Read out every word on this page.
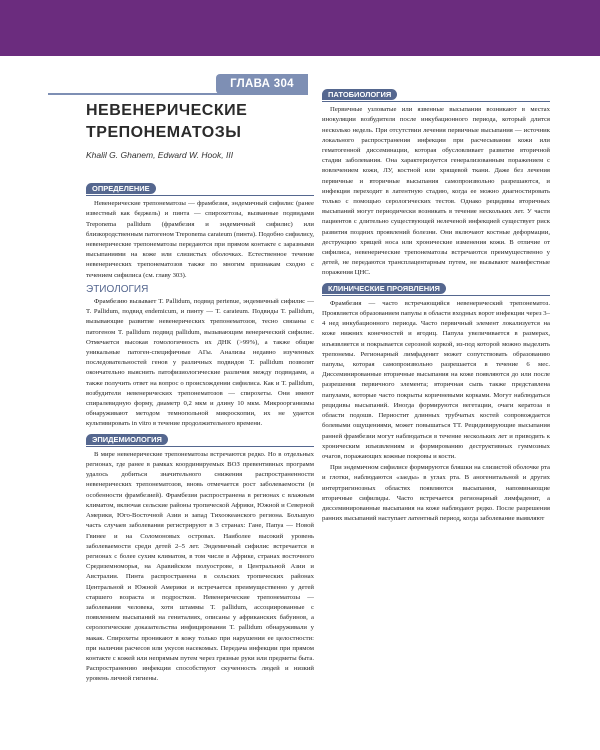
ГЛАВА 304
НЕВЕНЕРИЧЕСКИЕ ТРЕПОНЕМАТОЗЫ
Khalil G. Ghanem, Edward W. Hook, III
ОПРЕДЕЛЕНИЕ

Невенерические трепонематозы — фрамбезия, эндемичный сифилис (ранее известный как беджель) и пинта — спирохетозы, вызванные подвидами Treponema pallidum (фрамбезия и эндемичный сифилис) или близкородственным патогеном Treponema carateum (пинта). Подобно сифилису, невенерические трепонематозы передаются при прямом контакте с заразными высыпаниями на коже или слизистых оболочках. Естественное течение невенерических трепонематозов также по многим признакам сходно с течением сифилиса (см. главу 303).

ЭТИОЛОГИЯ

Фрамбезию вызывает T. Pallidum, подвид pertenue, эндемичный сифилис — T. Pallidum, подвид endemicum, и пинту — T. carateum. Подвиды T. pallidum, вызывающие развитие невенерических трепонематозов, тесно связаны с патогеном T. pallidum подвид pallidum, вызывающим венерический сифилис. Отмечается высокая гомологичность их ДНК (>99%), а также общие уникальные патоген-специфичные АГы. Анализы недавно изученных последовательностей генов у различных подвидов T. pallidum позволят окончательно выяснить патофизиологические различия между подвидами, а также получить ответ на вопрос о происхождении сифилиса. Как и T. pallidum, возбудители невенерических трепонематозов — спирохеты. Они имеют спиралевидную форму, диаметр 0,2 мкм и длину 10 мкм. Микроорганизмы обнаруживают методом темнопольной микроскопии, их не удается культивировать in vitro в течение продолжительного времени.

ЭПИДЕМИОЛОГИЯ

В мире невенерические трепонематозы встречаются редко. Но в отдельных регионах, где ранее в рамках координируемых ВОЗ превентивных программ удалось добиться значительного снижения распространенности невенерических трепонематозов, вновь отмечается рост заболеваемости (в особенности фрамбезией). Фрамбезия распространена в регионах с влажным климатом, включая сельские районы тропической Африки, Южной и Северной Америки, Юго-Восточной Азии и запад Тихоокеанского региона. Большую часть случаев заболевания регистрируют в 3 странах: Гане, Папуа — Новой Гвинее и на Соломоновых островах. Наиболее высокий уровень заболеваемости среди детей 2–5 лет. Эндемичный сифилис встречается в регионах с более сухим климатом, в том числе в Африке, странах восточного Средиземноморья, на Аравийском полуострове, в Центральной Азии и Австралии. Пинта распространена в сельских тропических районах Центральной и Южной Америки и встречается преимущественно у детей старшего возраста и подростков. Невенерические трепонематозы — заболевания человека, хотя штаммы T. pallidum, ассоциированные с появлением высыпаний на гениталиях, описаны у африканских бабуинов, а серологические доказательства инфицирования T. pallidum обнаруживали у макак. Спирохеты проникают в кожу только при нарушении ее целостности: при наличии расчесов или укусов насекомых. Передача инфекции при прямом контакте с кожей или непрямым путем через грязные руки или предметы быта. Распространению инфекции способствуют скученность людей и низкий уровень личной гигиены.

ПАТОБИОЛОГИЯ

Первичные узловатые или язвенные высыпания возникают в местах инокуляции возбудителя после инкубационного периода, который длится несколько недель. При отсутствии лечения первичные высыпания — источник локального распространения инфекции при расчесывании кожи или гематогенной диссеминации, которая обусловливает развитие вторичной стадии заболевания. Она характеризуется генерализованным поражением с вовлечением кожи, ЛУ, костной или хрящевой ткани. Даже без лечения первичные и вторичные высыпания самопроизвольно разрешаются, и инфекция переходит в латентную стадию, когда ее можно диагностировать только с помощью серологических тестов. Однако рецидивы вторичных высыпаний могут периодически возникать в течение нескольких лет. У части пациентов с длительно существующей нелеченой инфекцией существует риск развития поздних проявлений болезни. Они включают костные деформации, деструкцию хрящей носа или хронические изменения кожи. В отличие от сифилиса, невенерические трепонематозы встречаются преимущественно у детей, не передаются трансплацентарным путем, не вызывают манифестные поражения ЦНС.

КЛИНИЧЕСКИЕ ПРОЯВЛЕНИЯ

Фрамбезия — часто встречающийся невенерический трепонематоз. Проявляется образованием папулы в области входных ворот инфекции через 3–4 нед инкубационного периода. Часто первичный элемент локализуется на коже нижних конечностей и ягодиц. Папула увеличивается в размерах, изъязвляется и покрывается серозной коркой, из-под которой можно выделить трепонемы. Регионарный лимфаденит может сопутствовать образованию папулы, которая самопроизвольно разрешается в течение 6 мес. Диссеминированные вторичные высыпания на коже появляются до или после разрешения первичного элемента; вторичная сыпь также представлена папулами, которые часто покрыты коричневыми корками. Могут наблюдаться рецидивы высыпаний. Иногда формируются вегетации, очаги кератоза в области подошв. Периостит длинных трубчатых костей сопровождается болевыми ощущениями, может повышаться ТТ. Рецидивирующие высыпания ранней фрамбезии могут наблюдаться в течение нескольких лет и приводить к хроническим изъязвлениям и формированию деструктивных гуммозных очагов, поражающих кожные покровы и кости.

При эндемичном сифилисе формируются бляшки на слизистой оболочке рта и глотки, наблюдаются «заеды» в углах рта. В аногенитальной и других интертригинозных областях появляются высыпания, напоминающие вторичные сифилиды. Часто встречается регионарный лимфаденит, а диссеминированные высыпания на коже наблюдают редко. После разрешения ранних высыпаний наступает латентный период, когда заболевание выявляют
